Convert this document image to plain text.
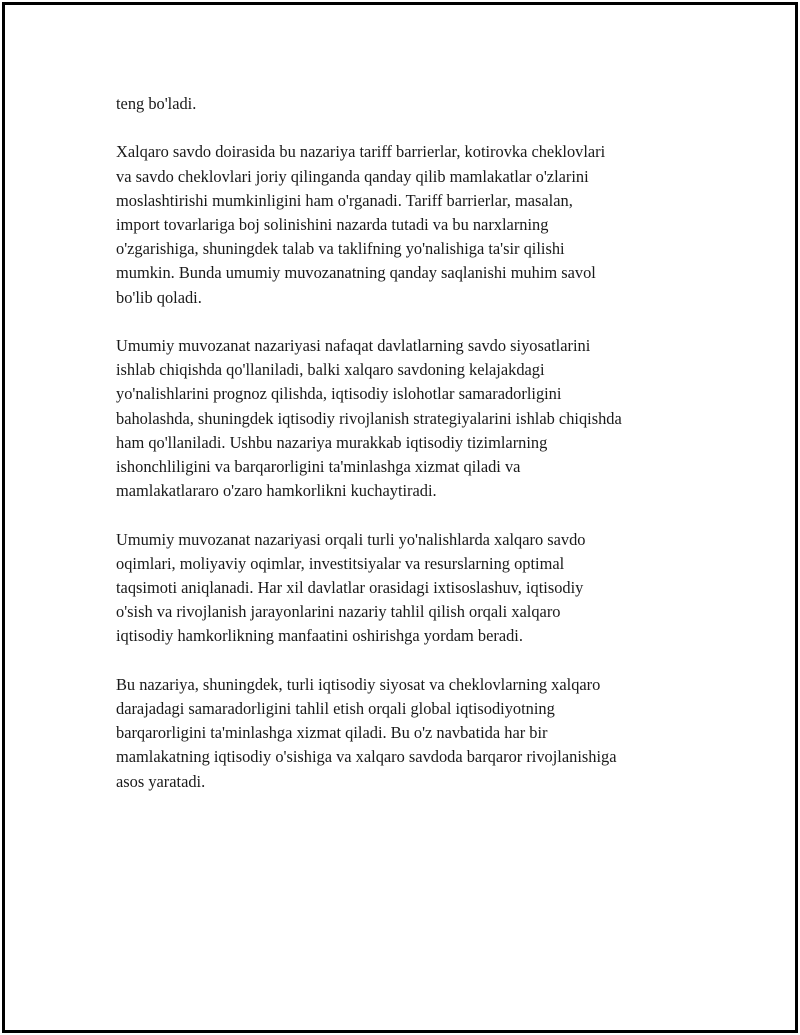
teng bo'ladi.

Xalqaro savdo doirasida bu nazariya tariff barrierlar, kotirovka cheklovlari
va savdo cheklovlari joriy qilinganda qanday qilib mamlakatlar o'zlarini
moslashtirishi mumkinligini ham o'rganadi. Tariff barrierlar, masalan,
import tovarlariga boj solinishini nazarda tutadi va bu narxlarning
o'zgarishiga, shuningdek talab va taklifning yo'nalishiga ta'sir qilishi
mumkin. Bunda umumiy muvozanatning qanday saqlanishi muhim savol
bo'lib qoladi.

Umumiy muvozanat nazariyasi nafaqat davlatlarning savdo siyosatlarini
ishlab chiqishda qo'llaniladi, balki xalqaro savdoning kelajakdagi
yo'nalishlarini prognoz qilishda, iqtisodiy islohotlar samaradorligini
baholashda, shuningdek iqtisodiy rivojlanish strategiyalarini ishlab chiqishda
ham qo'llaniladi. Ushbu nazariya murakkab iqtisodiy tizimlarning
ishonchliligini va barqarorligini ta'minlashga xizmat qiladi va
mamlakatlararo o'zaro hamkorlikni kuchaytiradi.

Umumiy muvozanat nazariyasi orqali turli yo'nalishlarda xalqaro savdo
oqimlari, moliyaviy oqimlar, investitsiyalar va resurslarning optimal
taqsimoti aniqlanadi. Har xil davlatlar orasidagi ixtisoslashuv, iqtisodiy
o'sish va rivojlanish jarayonlarini nazariy tahlil qilish orqali xalqaro
iqtisodiy hamkorlikning manfaatini oshirishga yordam beradi.

Bu nazariya, shuningdek, turli iqtisodiy siyosat va cheklovlarning xalqaro
darajadagi samaradorligini tahlil etish orqali global iqtisodiyotning
barqarorligini ta'minlashga xizmat qiladi. Bu o'z navbatida har bir
mamlakatning iqtisodiy o'sishiga va xalqaro savdoda barqaror rivojlanishiga
asos yaratadi.
